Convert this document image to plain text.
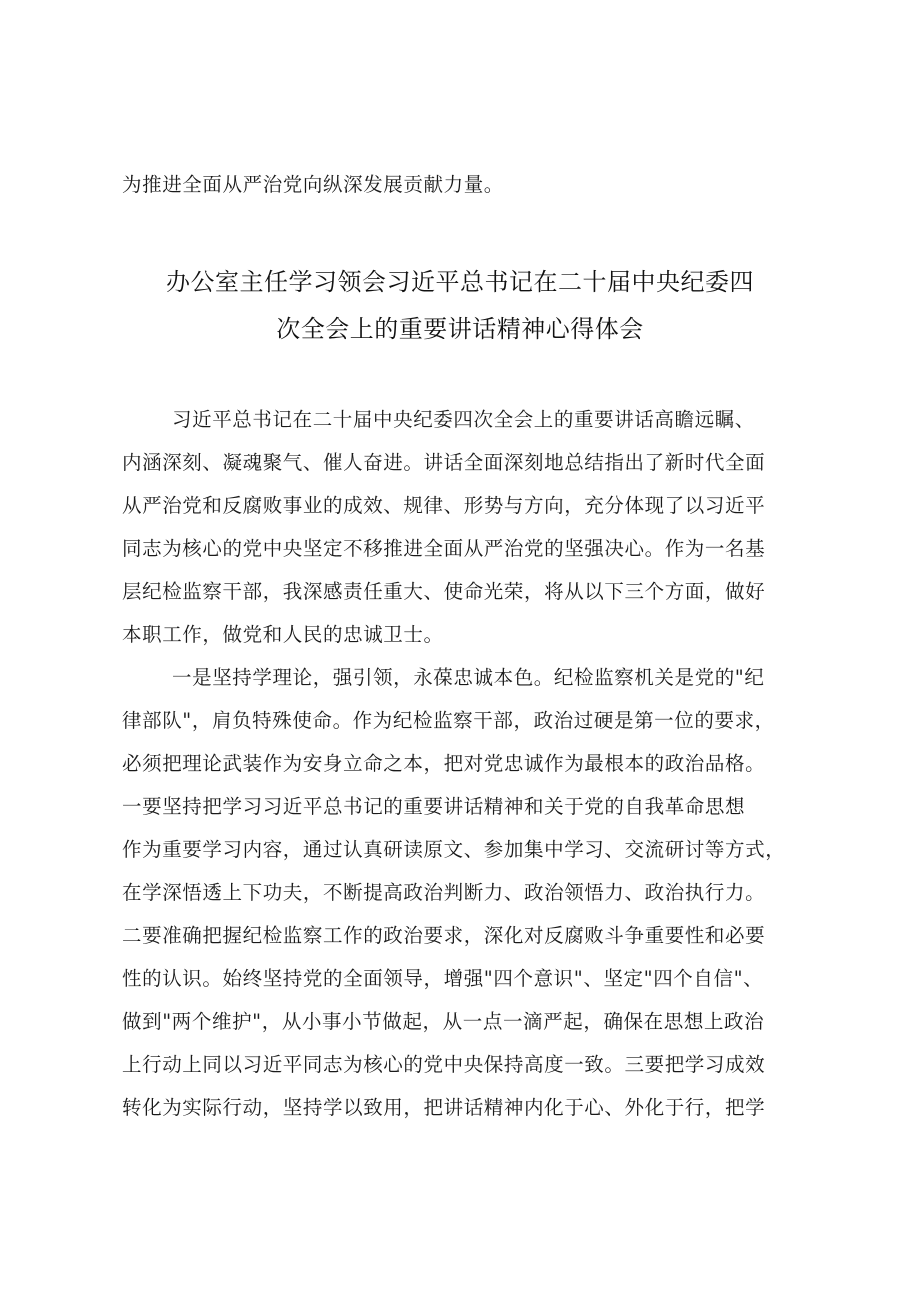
为推进全面从严治党向纵深发展贡献力量。
办公室主任学习领会习近平总书记在二十届中央纪委四
次全会上的重要讲话精神心得体会
习近平总书记在二十届中央纪委四次全会上的重要讲话高瞻远瞩、
内涵深刻、凝魂聚气、催人奋进。讲话全面深刻地总结指出了新时代全面
从严治党和反腐败事业的成效、规律、形势与方向，充分体现了以习近平
同志为核心的党中央坚定不移推进全面从严治党的坚强决心。作为一名基
层纪检监察干部，我深感责任重大、使命光荣，将从以下三个方面，做好
本职工作，做党和人民的忠诚卫士。
一是坚持学理论，强引领，永葆忠诚本色。纪检监察机关是党的"纪
律部队"，肩负特殊使命。作为纪检监察干部，政治过硬是第一位的要求，
必须把理论武装作为安身立命之本，把对党忠诚作为最根本的政治品格。
一要坚持把学习习近平总书记的重要讲话精神和关于党的自我革命思想
作为重要学习内容，通过认真研读原文、参加集中学习、交流研讨等方式，
在学深悟透上下功夫，不断提高政治判断力、政治领悟力、政治执行力。
二要准确把握纪检监察工作的政治要求，深化对反腐败斗争重要性和必要
性的认识。始终坚持党的全面领导，增强"四个意识"、坚定"四个自信"、
做到"两个维护"，从小事小节做起，从一点一滴严起，确保在思想上政治
上行动上同以习近平同志为核心的党中央保持高度一致。三要把学习成效
转化为实际行动，坚持学以致用，把讲话精神内化于心、外化于行，把学
